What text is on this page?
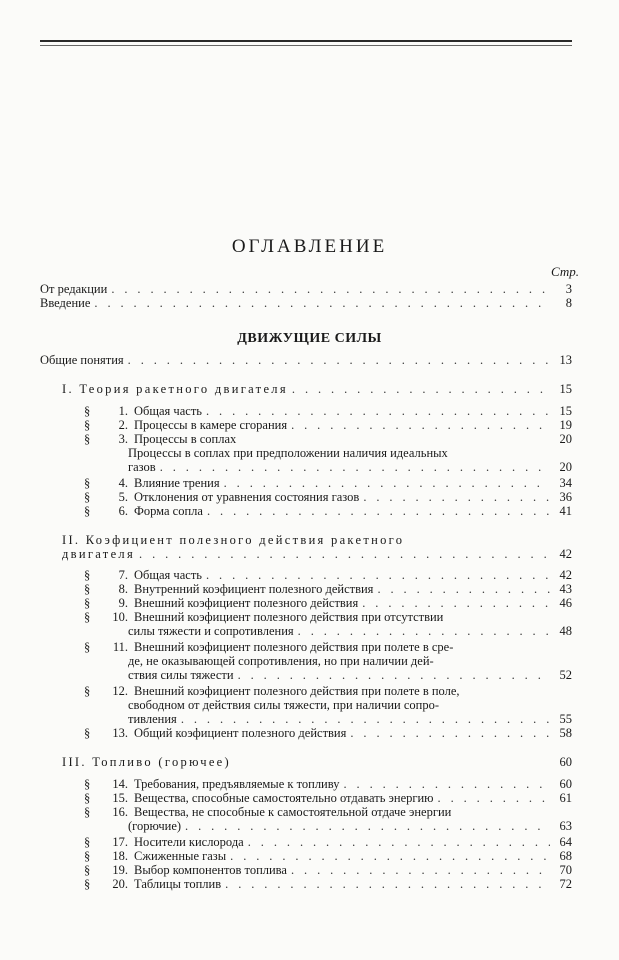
ОГЛАВЛЕНИЕ
Стр.
От редакции . . .	3
Введение . . .	8
ДВИЖУЩИЕ СИЛЫ
Общие понятия . . .	13
I. Теория ракетного двигателя . . .	15
§	1. Общая часть . . .	15
§	2. Процессы в камере сгорания . . .	19
§	3. Процессы в соплах	20
Процессы в соплах при предположении наличия идеальных
газов . . .	20
§	4. Влияние трения . . .	34
§	5. Отклонения от уравнения состояния газов . . .	36
§	6. Форма сопла . . .	41
II. Коэфициент полезного действия ракетного
двигателя . . .	42
§	7. Общая часть . . .	42
§	8. Внутренний коэфициент полезного действия . . .	43
§	9. Внешний коэфициент полезного действия . . .	46
§	10. Внешний коэфициент полезного действия при отсутствии
силы тяжести и сопротивления . . .	48
§	11. Внешний коэфициент полезного действия при полете в сре-
де, не оказывающей сопротивления, но при наличии дей-
ствия силы тяжести . . .	52
§	12. Внешний коэфициент полезного действия при полете в поле,
свободном от действия силы тяжести, при наличии сопро-
тивления . . .	55
§	13. Общий коэфициент полезного действия . . .	58
III. Топливо (горючее)	60
§	14. Требования, предъявляемые к топливу . . .	60
§	15. Вещества, способные самостоятельно отдавать энергию . . .	61
§	16. Вещества, не способные к самостоятельной отдаче энергии
(горючие) . . .	63
§	17. Носители кислорода . . .	64
§	18. Сжиженные газы . . .	68
§	19. Выбор компонентов топлива . . .	70
§	20. Таблицы топлив . . .	72
